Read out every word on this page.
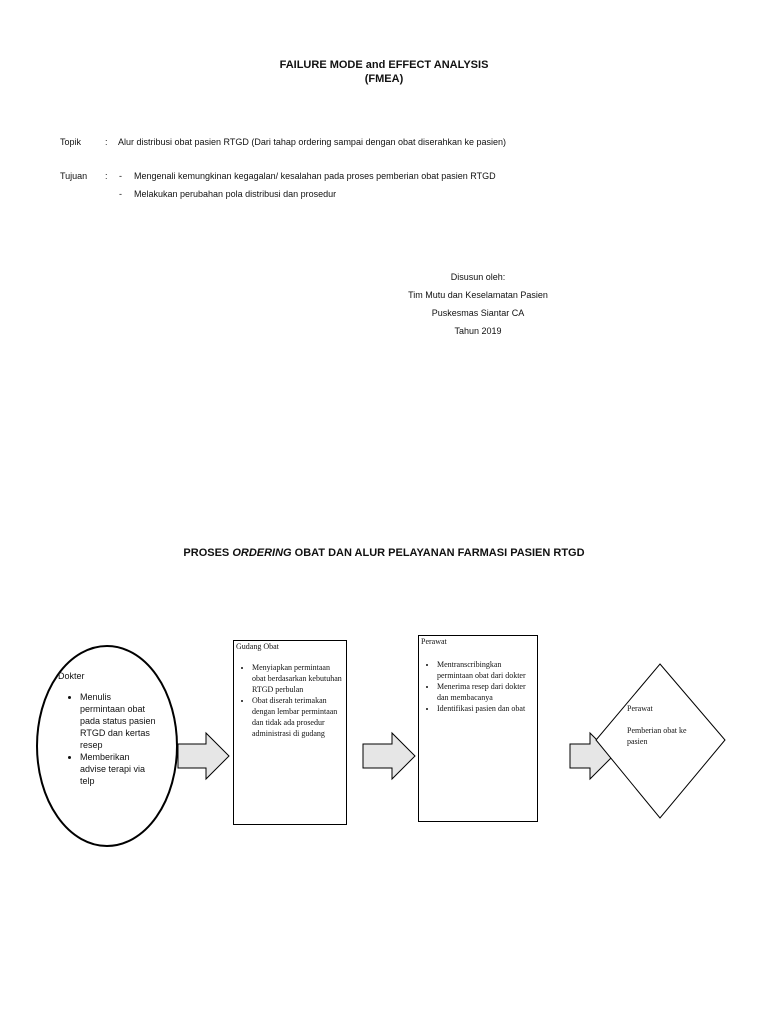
FAILURE MODE and EFFECT ANALYSIS
(FMEA)
Topik	: Alur distribusi obat pasien RTGD (Dari tahap ordering sampai dengan obat diserahkan ke pasien)
Tujuan : - Mengenali kemungkinan kegagalan/ kesalahan pada proses pemberian obat pasien RTGD
- Melakukan perubahan pola distribusi dan prosedur
Disusun oleh:
Tim Mutu dan Keselamatan Pasien
Puskesmas Siantar CA
Tahun 2019
PROSES ORDERING OBAT DAN ALUR PELAYANAN FARMASI PASIEN RTGD
Dokter
• Menulis permintaan obat pada status pasien RTGD dan kertas resep
• Memberikan advise terapi via telp
Gudang Obat
• Menyiapkan permintaan obat berdasarkan kebutuhan RTGD perbulan
• Obat diserah terimakan dengan lembar permintaan dan tidak ada prosedur administrasi di gudang
Perawat
• Mentranscribingkan permintaan obat dari dokter
• Menerima resep dari dokter dan membacanya
• Identifikasi pasien dan obat	Perawat
Pemberian obat ke pasien
